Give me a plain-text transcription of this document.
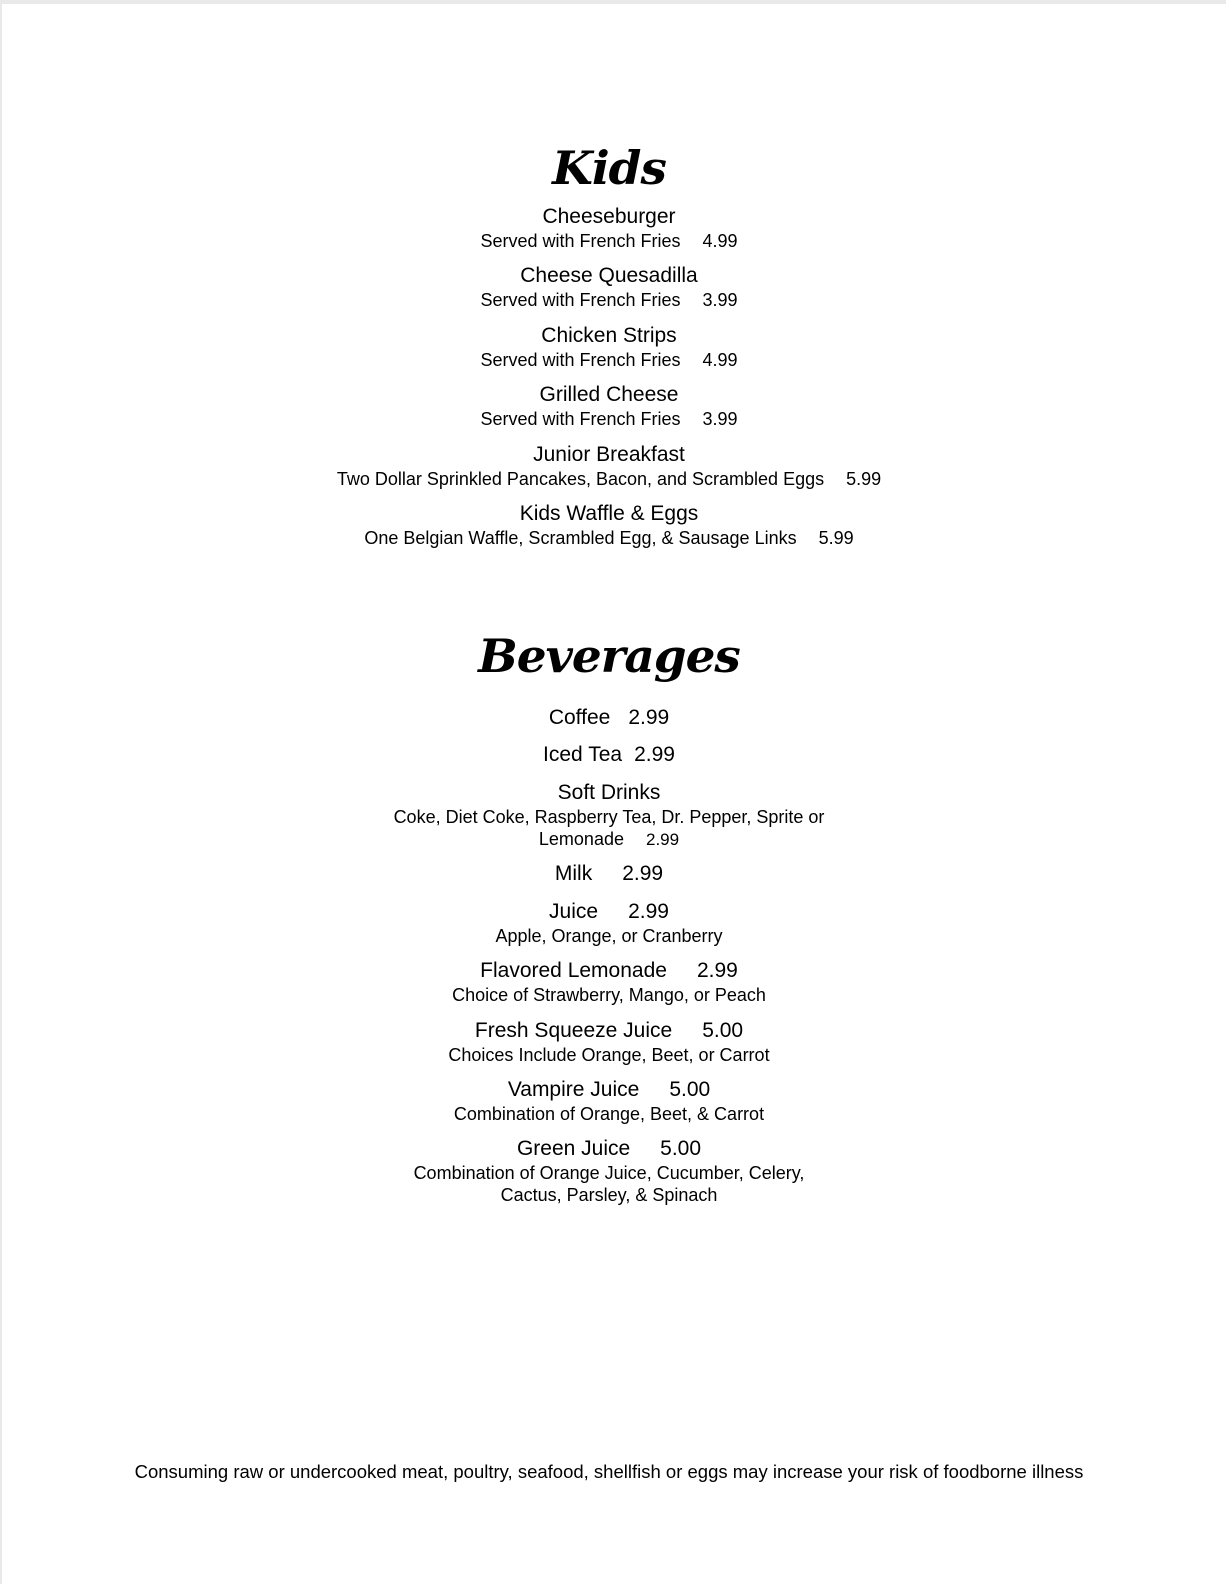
Kids
Cheeseburger
Served with French Fries 4.99
Cheese Quesadilla
Served with French Fries 3.99
Chicken Strips
Served with French Fries 4.99
Grilled Cheese
Served with French Fries 3.99
Junior Breakfast
Two Dollar Sprinkled Pancakes, Bacon, and Scrambled Eggs 5.99
Kids Waffle & Eggs
One Belgian Waffle, Scrambled Egg, & Sausage Links 5.99
Beverages
Coffee 2.99
Iced Tea 2.99
Soft Drinks
Coke, Diet Coke, Raspberry Tea, Dr. Pepper, Sprite or
Lemonade 2.99
Milk 2.99
Juice 2.99
Apple, Orange, or Cranberry
Flavored Lemonade 2.99
Choice of Strawberry, Mango, or Peach
Fresh Squeeze Juice 5.00
Choices Include Orange, Beet, or Carrot
Vampire Juice 5.00
Combination of Orange, Beet, & Carrot
Green Juice 5.00
Combination of Orange Juice, Cucumber, Celery,
Cactus, Parsley, & Spinach
Consuming raw or undercooked meat, poultry, seafood, shellfish or eggs may increase your risk of foodborne illness
